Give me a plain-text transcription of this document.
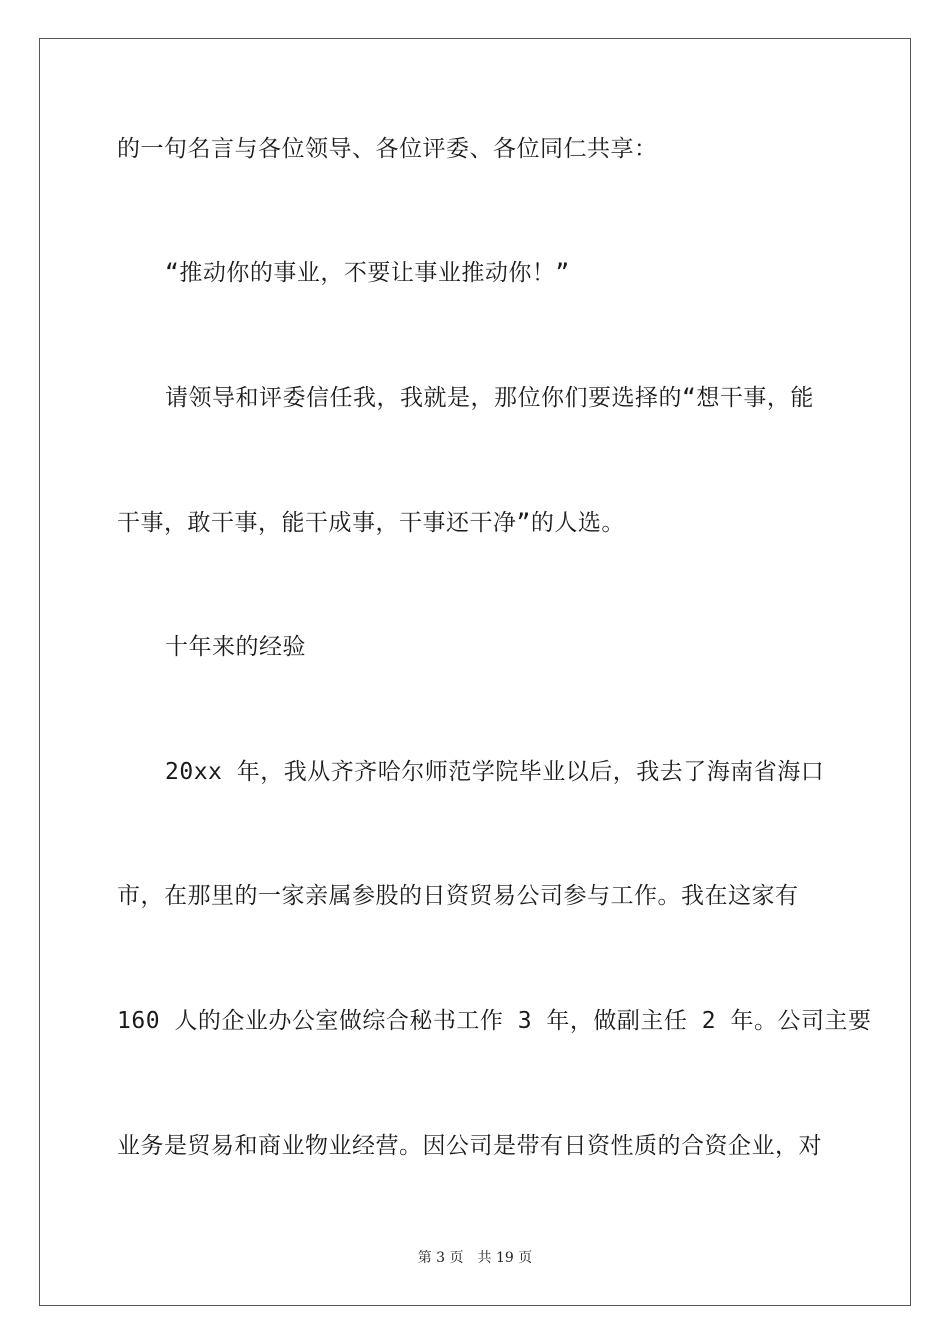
的一句名言与各位领导、各位评委、各位同仁共享：
“推动你的事业，不要让事业推动你！”
请领导和评委信任我，我就是，那位你们要选择的“想干事，能
干事，敢干事，能干成事，干事还干净”的人选。
十年来的经验
20xx 年，我从齐齐哈尔师范学院毕业以后，我去了海南省海口
市，在那里的一家亲属参股的日资贸易公司参与工作。我在这家有
160 人的企业办公室做综合秘书工作 3 年，做副主任 2 年。公司主要
业务是贸易和商业物业经营。因公司是带有日资性质的合资企业，对
第 3 页 共 19 页
